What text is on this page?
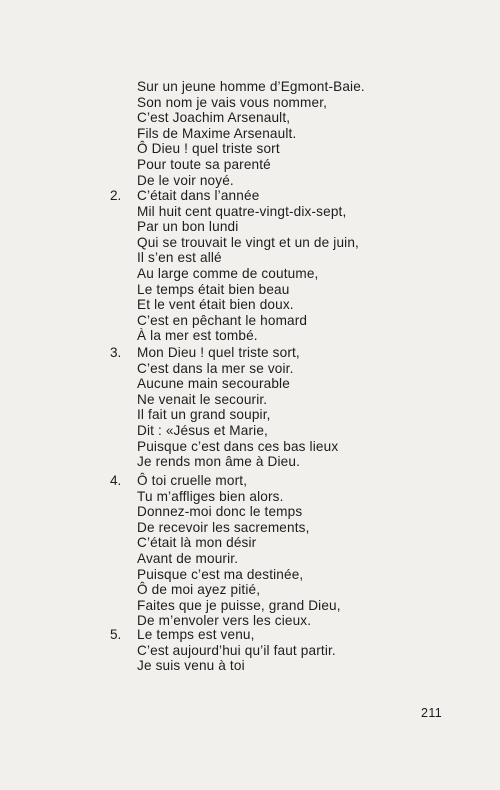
Sur un jeune homme d’Egmont-Baie.
Son nom je vais vous nommer,
C’est Joachim Arsenault,
Fils de Maxime Arsenault.
Ô Dieu ! quel triste sort
Pour toute sa parenté
De le voir noyé.
2. C’était dans l’année
Mil huit cent quatre-vingt-dix-sept,
Par un bon lundi
Qui se trouvait le vingt et un de juin,
Il s’en est allé
Au large comme de coutume,
Le temps était bien beau
Et le vent était bien doux.
C’est en pêchant le homard
À la mer est tombé.
3. Mon Dieu ! quel triste sort,
C’est dans la mer se voir.
Aucune main secourable
Ne venait le secourir.
Il fait un grand soupir,
Dit : «Jésus et Marie,
Puisque c’est dans ces bas lieux
Je rends mon âme à Dieu.
4. Ô toi cruelle mort,
Tu m’affliges bien alors.
Donnez-moi donc le temps
De recevoir les sacrements,
C’était là mon désir
Avant de mourir.
Puisque c’est ma destinée,
Ô de moi ayez pitié,
Faites que je puisse, grand Dieu,
De m’envoler vers les cieux.
5. Le temps est venu,
C’est aujourd’hui qu’il faut partir.
Je suis venu à toi
211
